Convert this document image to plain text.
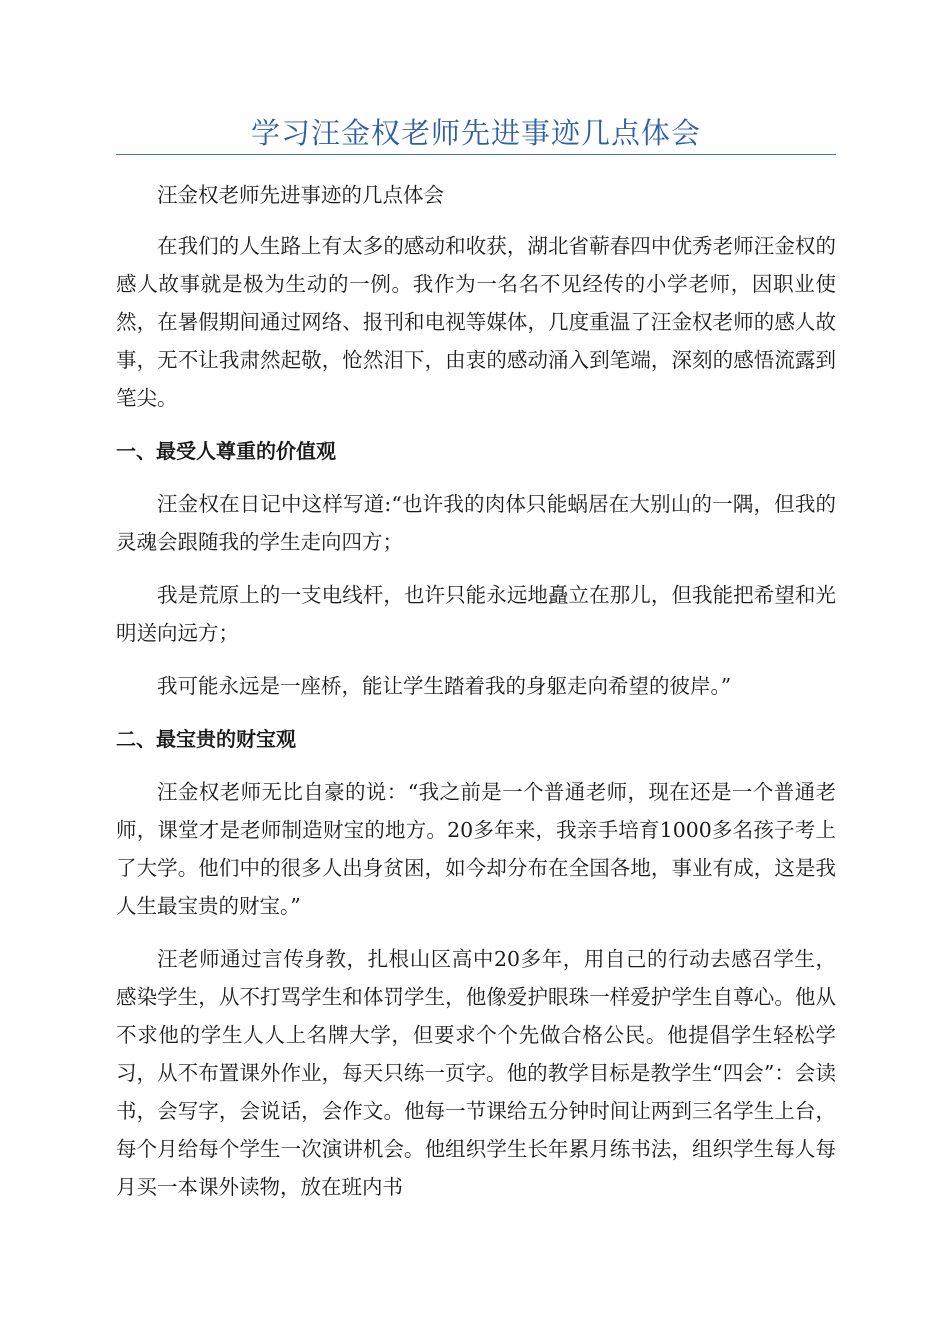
学习汪金权老师先进事迹几点体会

汪金权老师先进事迹的几点体会

在我们的人生路上有太多的感动和收获，湖北省蕲春四中优秀老师汪金权的感人故事就是极为生动的一例。我作为一名名不见经传的小学老师，因职业使然，在暑假期间通过网络、报刊和电视等媒体，几度重温了汪金权老师的感人故事，无不让我肃然起敬，怆然泪下，由衷的感动涌入到笔端，深刻的感悟流露到笔尖。

一、最受人尊重的价值观

汪金权在日记中这样写道:“也许我的肉体只能蜗居在大别山的一隅，但我的灵魂会跟随我的学生走向四方；

我是荒原上的一支电线杆，也许只能永远地矗立在那儿，但我能把希望和光明送向远方；

我可能永远是一座桥，能让学生踏着我的身躯走向希望的彼岸。”

二、最宝贵的财宝观

汪金权老师无比自豪的说：“我之前是一个普通老师，现在还是一个普通老师，课堂才是老师制造财宝的地方。20多年来，我亲手培育1000多名孩子考上了大学。他们中的很多人出身贫困，如今却分布在全国各地，事业有成，这是我人生最宝贵的财宝。”

汪老师通过言传身教，扎根山区高中20多年，用自己的行动去感召学生，感染学生，从不打骂学生和体罚学生，他像爱护眼珠一样爱护学生自尊心。他从不求他的学生人人上名牌大学，但要求个个先做合格公民。他提倡学生轻松学习，从不布置课外作业，每天只练一页字。他的教学目标是教学生“四会”：会读书，会写字，会说话，会作文。他每一节课给五分钟时间让两到三名学生上台，每个月给每个学生一次演讲机会。他组织学生长年累月练书法，组织学生每人每月买一本课外读物，放在班内书
